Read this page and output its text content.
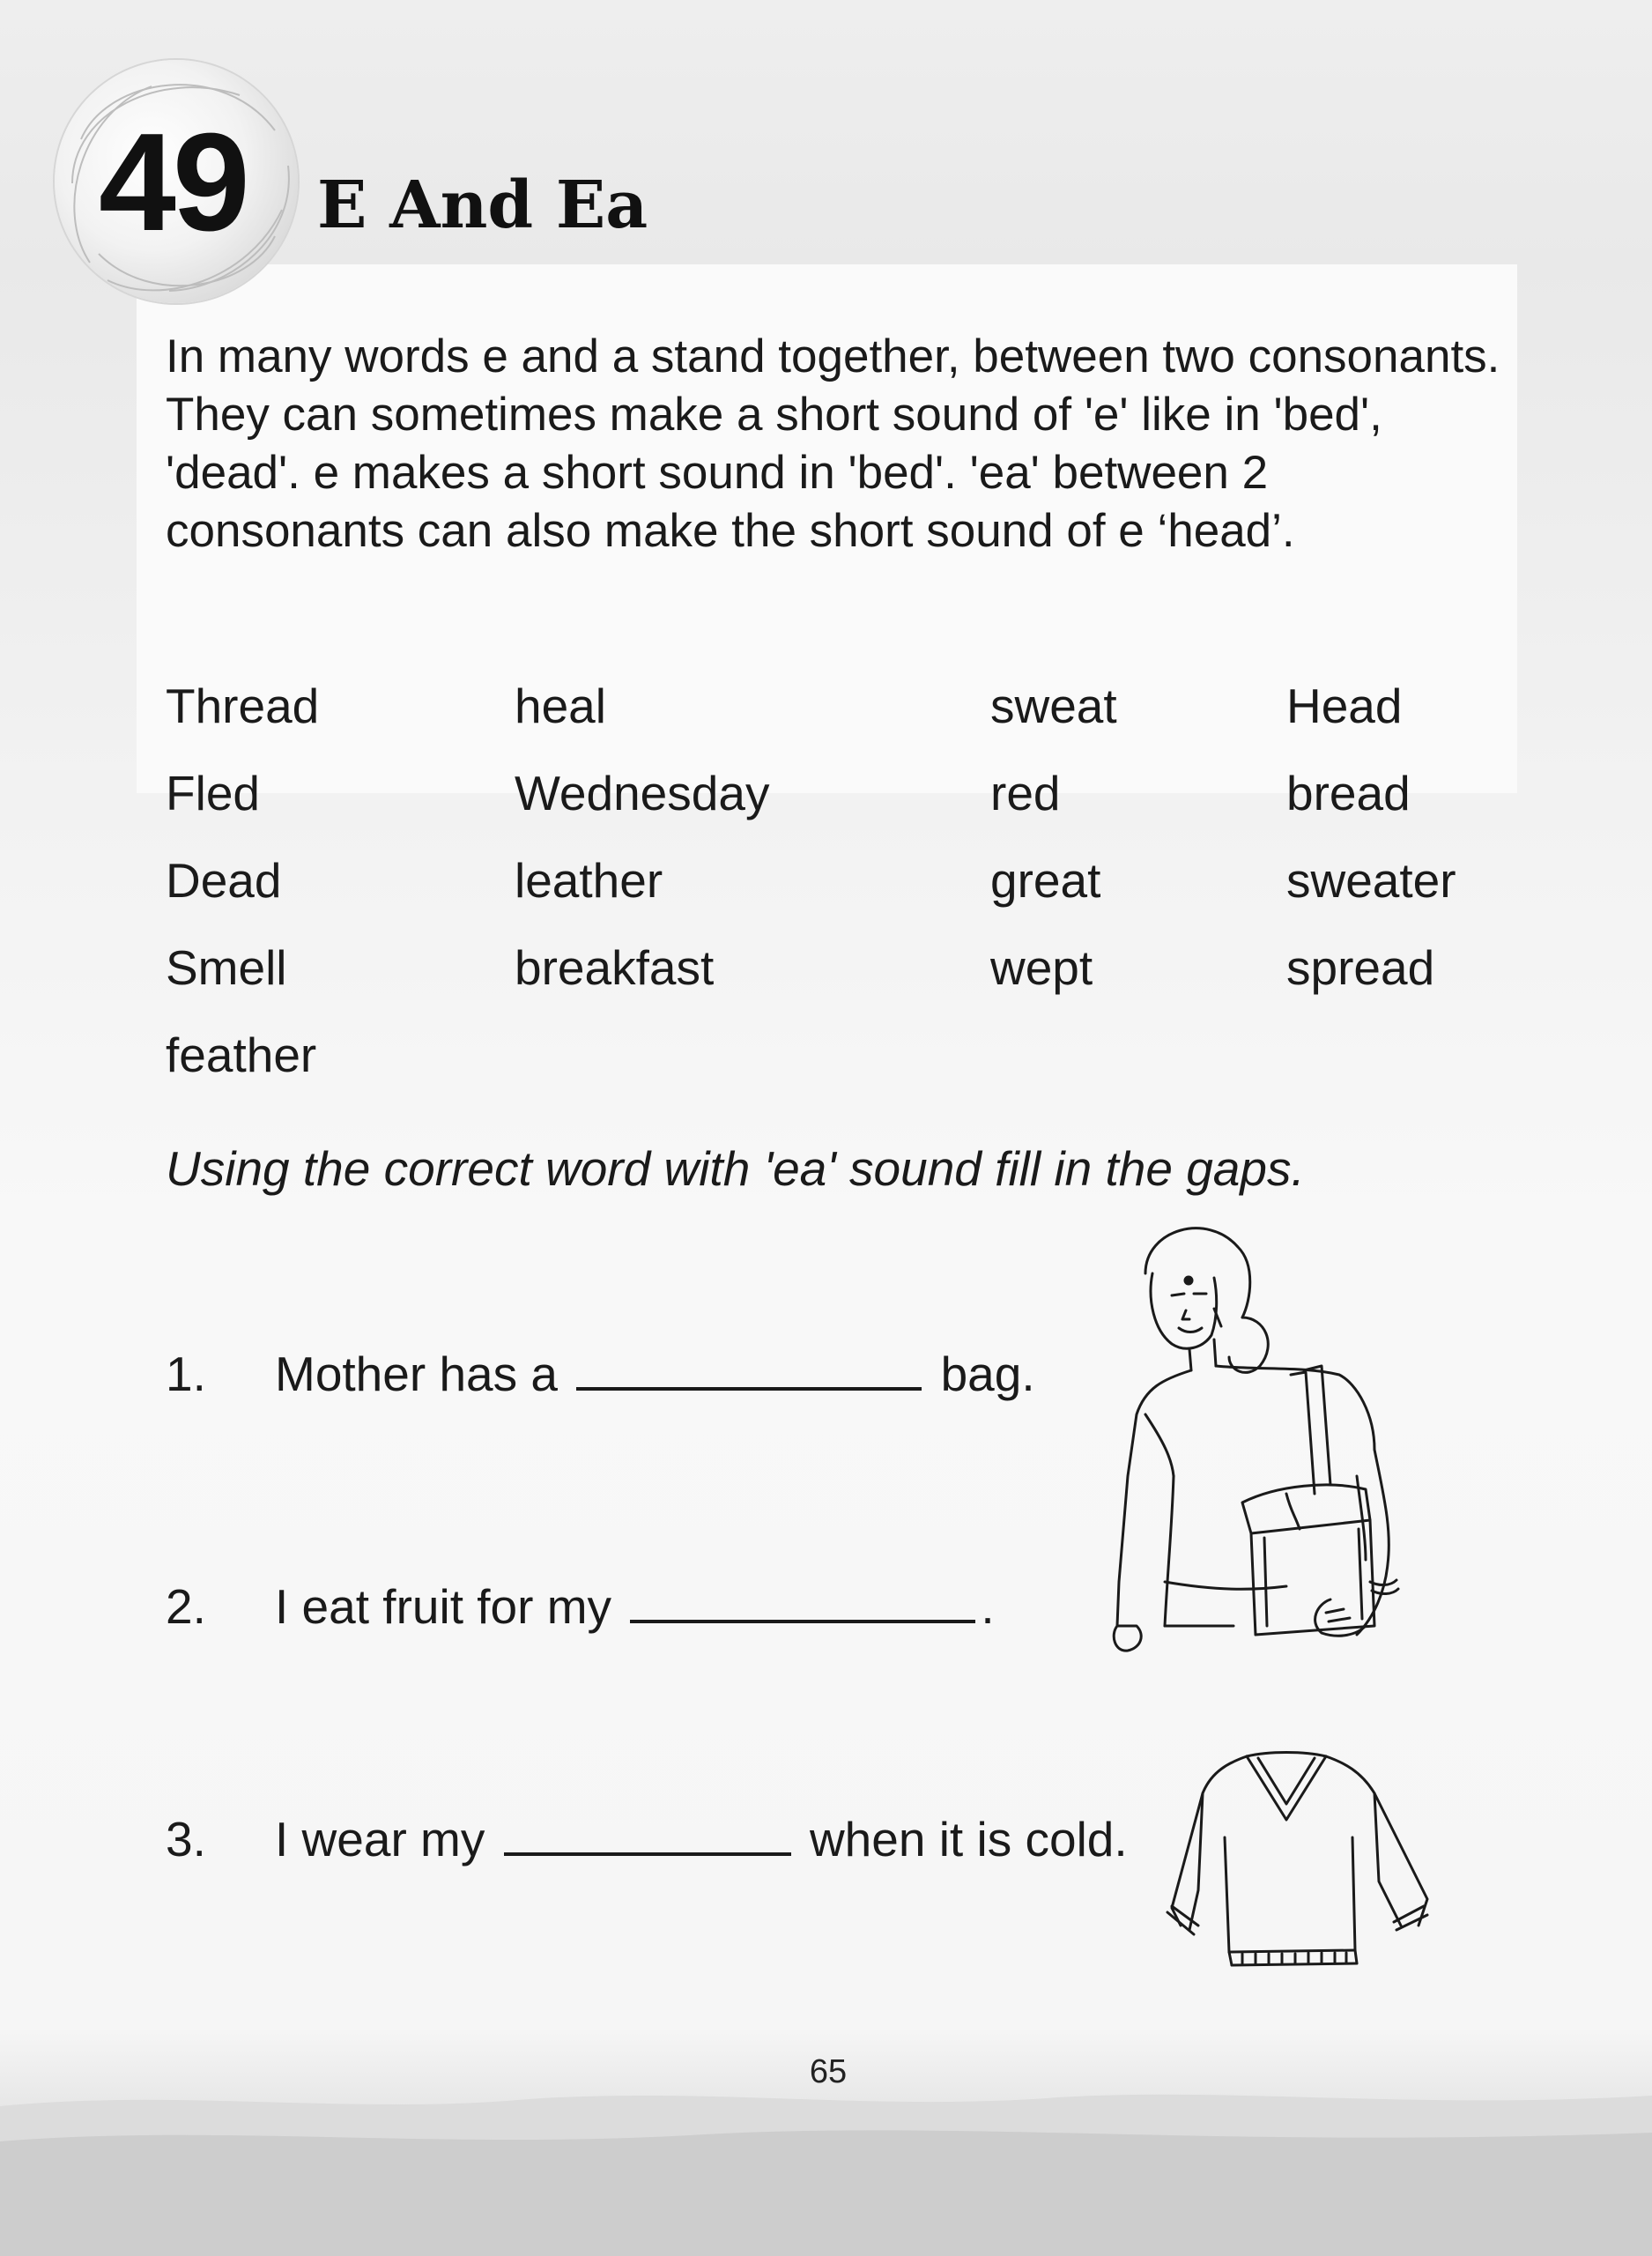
49 E And Ea

In many words e and a stand together, between two consonants. They can sometimes make a short sound of 'e' like in 'bed', 'dead'. e makes a short sound in 'bed'. 'ea' between 2 consonants can also make the short sound of e ‘head’.

Thread	heal	sweat	Head
Fled	Wednesday	red	bread
Dead	leather	great	sweater
Smell	breakfast	wept	spread
feather
Using the correct word with 'ea' sound fill in the gaps.
1. Mother has a	bag.
2. I eat fruit for my	.
3. I wear my	when it is cold.
65
